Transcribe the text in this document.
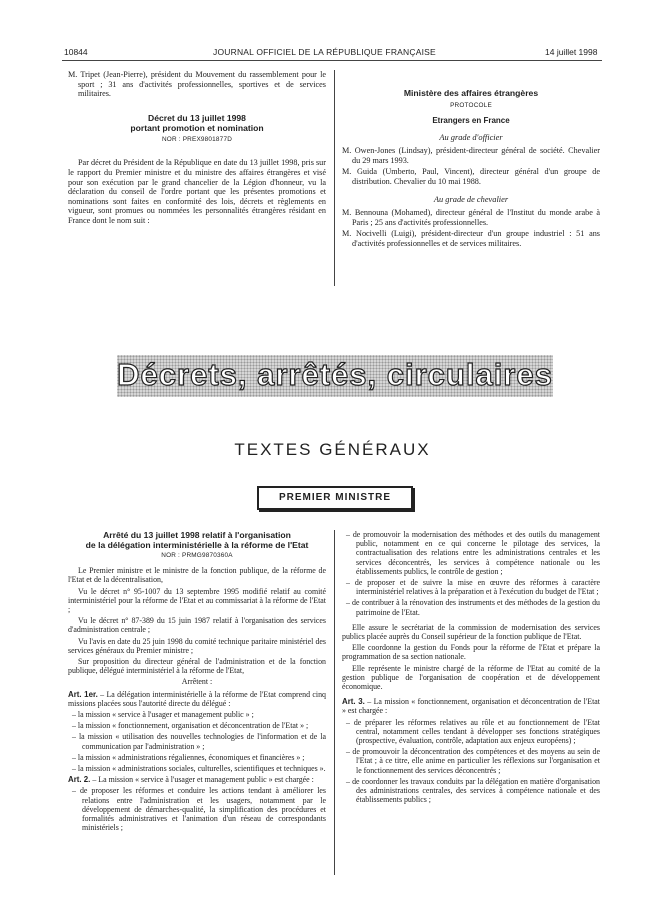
10844	JOURNAL OFFICIEL DE LA RÉPUBLIQUE FRANÇAISE	14 juillet 1998

M. Tripet (Jean-Pierre), président du Mouvement du rassemblement pour le sport ; 31 ans d'activités professionnelles, sportives et de services militaires.

Décret du 13 juillet 1998
portant promotion et nomination
NOR : PREX9801877D

Par décret du Président de la République en date du 13 juillet 1998, pris sur le rapport du Premier ministre et du ministre des affaires étrangères et visé pour son exécution par le grand chancelier de la Légion d'honneur, vu la déclaration du conseil de l'ordre portant que les présentes promotions et nominations sont faites en conformité des lois, décrets et règlements en vigueur, sont promues ou nommées les personnalités étrangères résidant en France dont le nom suit :

Ministère des affaires étrangères
PROTOCOLE
Etrangers en France
Au grade d'officier

M. Owen-Jones (Lindsay), président-directeur général de société. Chevalier du 29 mars 1993.

M. Guida (Umberto, Paul, Vincent), directeur général d'un groupe de distribution. Chevalier du 10 mai 1988.

Au grade de chevalier

M. Bennouna (Mohamed), directeur général de l'Institut du monde arabe à Paris ; 25 ans d'activités professionnelles.

M. Nocivelli (Luigi), président-directeur d'un groupe industriel : 51 ans d'activités professionnelles et de services militaires.

Décrets, arrêtés, circulaires
TEXTES GÉNÉRAUX
PREMIER MINISTRE
Arrêté du 13 juillet 1998 relatif à l'organisation
de la délégation interministérielle à la réforme de l'Etat
NOR : PRMG9870360A

Le Premier ministre et le ministre de la fonction publique, de la réforme de l'Etat et de la décentralisation,

Vu le décret n° 95-1007 du 13 septembre 1995 modifié relatif au comité interministériel pour la réforme de l'Etat et au commissariat à la réforme de l'Etat ;

Vu le décret n° 87-389 du 15 juin 1987 relatif à l'organisation des services d'administration centrale ;

Vu l'avis en date du 25 juin 1998 du comité technique paritaire ministériel des services généraux du Premier ministre ;

Sur proposition du directeur général de l'administration et de la fonction publique, délégué interministériel à la réforme de l'Etat,

Arrêtent :

Art. 1er. – La délégation interministérielle à la réforme de l'Etat comprend cinq missions placées sous l'autorité directe du délégué :

– la mission « service à l'usager et management public » ;

– la mission « fonctionnement, organisation et déconcentration de l'Etat » ;

– la mission « utilisation des nouvelles technologies de l'information et de la communication par l'administration » ;

– la mission « administrations régaliennes, économiques et financières » ;

– la mission « administrations sociales, culturelles, scientifiques et techniques ».

Art. 2. – La mission « service à l'usager et management public » est chargée :

– de proposer les réformes et conduire les actions tendant à améliorer les relations entre l'administration et les usagers, notamment par le développement de démarches-qualité, la simplification des procédures et formalités administratives et l'animation d'un réseau de correspondants ministériels ;

– de promouvoir la modernisation des méthodes et des outils du management public, notamment en ce qui concerne le pilotage des services, la contractualisation des relations entre les administrations centrales et les services déconcentrés, les services à compétence nationale ou les établissements publics, le contrôle de gestion ;

– de proposer et de suivre la mise en œuvre des réformes à caractère interministériel relatives à la préparation et à l'exécution du budget de l'Etat ;

– de contribuer à la rénovation des instruments et des méthodes de la gestion du patrimoine de l'Etat.

Elle assure le secrétariat de la commission de modernisation des services publics placée auprès du Conseil supérieur de la fonction publique de l'Etat.

Elle coordonne la gestion du Fonds pour la réforme de l'Etat et prépare la programmation de sa section nationale.

Elle représente le ministre chargé de la réforme de l'Etat au comité de la gestion publique de l'organisation de coopération et de développement économique.

Art. 3. – La mission « fonctionnement, organisation et déconcentration de l'Etat » est chargée :

– de préparer les réformes relatives au rôle et au fonctionnement de l'Etat central, notamment celles tendant à développer ses fonctions stratégiques (prospective, évaluation, contrôle, adaptation aux enjeux européens) ;

– de promouvoir la déconcentration des compétences et des moyens au sein de l'Etat ; à ce titre, elle anime en particulier les réflexions sur l'organisation et le fonctionnement des services déconcentrés ;

– de coordonner les travaux conduits par la délégation en matière d'organisation des administrations centrales, des services à compétence nationale et des établissements publics ;
